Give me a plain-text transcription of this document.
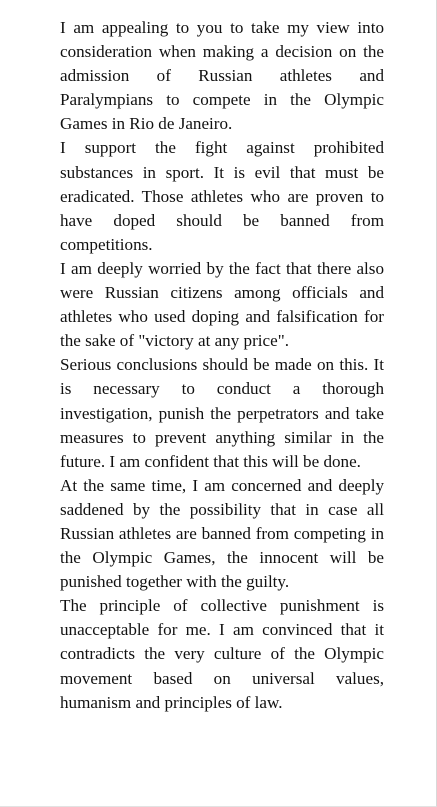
I am appealing to you to take my view into consideration when making a decision on the admission of Russian athletes and Paralympians to compete in the Olympic Games in Rio de Janeiro.

I support the fight against prohibited substances in sport. It is evil that must be eradicated. Those athletes who are proven to have doped should be banned from competitions.

I am deeply worried by the fact that there also were Russian citizens among officials and athletes who used doping and falsification for the sake of "victory at any price".

Serious conclusions should be made on this. It is necessary to conduct a thorough investigation, punish the perpetrators and take measures to prevent anything similar in the future. I am confident that this will be done.

At the same time, I am concerned and deeply saddened by the possibility that in case all Russian athletes are banned from competing in the Olympic Games, the innocent will be punished together with the guilty.

The principle of collective punishment is unacceptable for me. I am convinced that it contradicts the very culture of the Olympic movement based on universal values, humanism and principles of law.
